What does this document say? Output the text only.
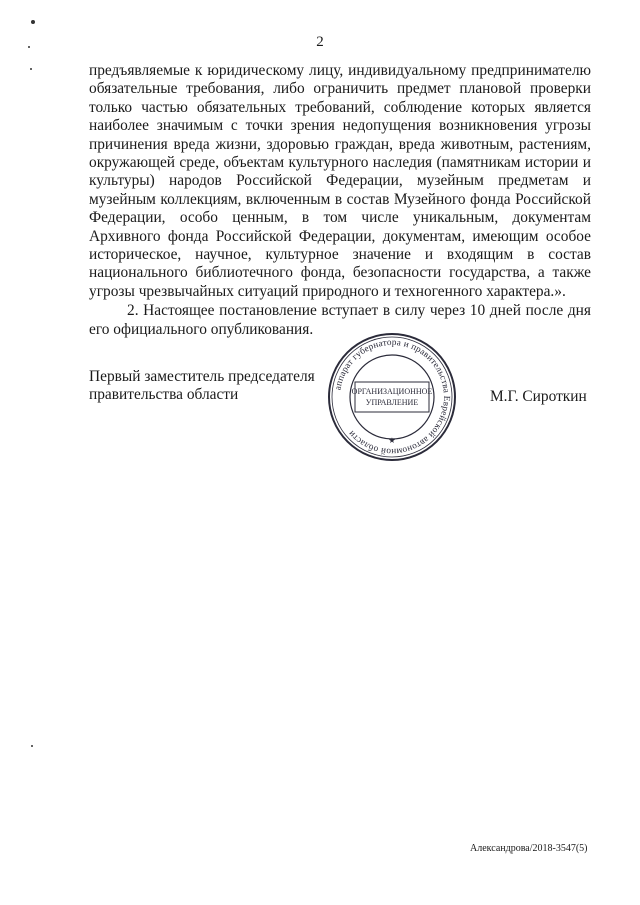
2

предъявляемые к юридическому лицу, индивидуальному предпринимателю обязательные требования, либо ограничить предмет плановой проверки только частью обязательных требований, соблюдение которых является наиболее значимым с точки зрения недопущения возникновения угрозы причинения вреда жизни, здоровью граждан, вреда животным, растениям, окружающей среде, объектам культурного наследия (памятникам истории и культуры) народов Российской Федерации, музейным предметам и музейным коллекциям, включенным в состав Музейного фонда Российской Федерации, особо ценным, в том числе уникальным, документам Архивного фонда Российской Федерации, документам, имеющим особое историческое, научное, культурное значение и входящим в состав национального библиотечного фонда, безопасности государства, а также угрозы чрезвычайных ситуаций природного и техногенного характера.».

2. Настоящее постановление вступает в силу через 10 дней после дня его официального опубликования.

Первый заместитель председателя
правительства области	аппарат губернатора и правительства Еврейской автономной области
ОРГАНИЗАЦИОННОЕ
УПРАВЛЕНИЕ
★
М.Г. Сироткин
Александрова/2018-3547(5)
